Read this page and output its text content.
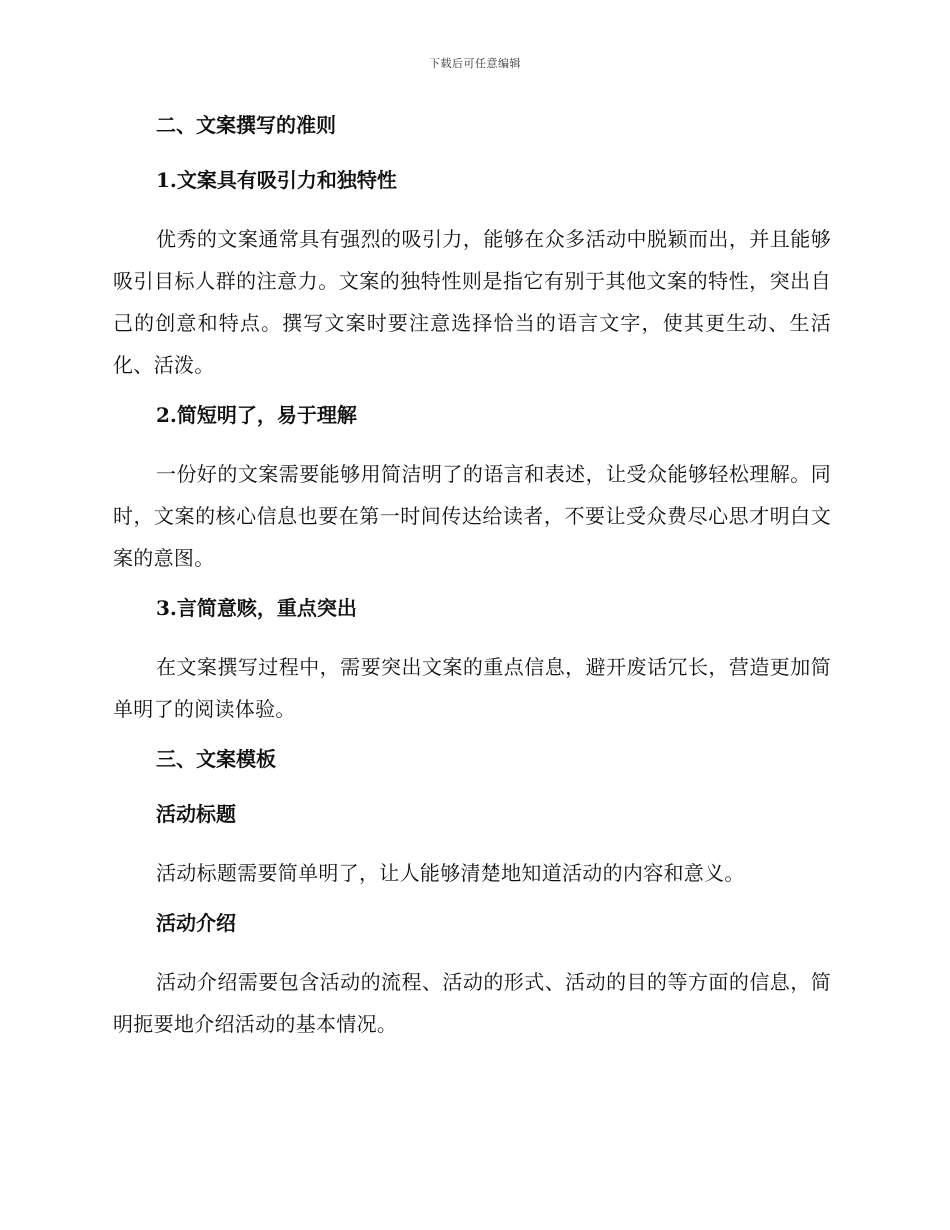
下载后可任意编辑
二、文案撰写的准则
1.文案具有吸引力和独特性
优秀的文案通常具有强烈的吸引力，能够在众多活动中脱颖而出，并且能够吸引目标人群的注意力。文案的独特性则是指它有别于其他文案的特性，突出自己的创意和特点。撰写文案时要注意选择恰当的语言文字，使其更生动、生活化、活泼。
2.简短明了，易于理解
一份好的文案需要能够用简洁明了的语言和表述，让受众能够轻松理解。同时，文案的核心信息也要在第一时间传达给读者，不要让受众费尽心思才明白文案的意图。
3.言简意赅，重点突出
在文案撰写过程中，需要突出文案的重点信息，避开废话冗长，营造更加简单明了的阅读体验。
三、文案模板
活动标题
活动标题需要简单明了，让人能够清楚地知道活动的内容和意义。
活动介绍
活动介绍需要包含活动的流程、活动的形式、活动的目的等方面的信息，简明扼要地介绍活动的基本情况。
